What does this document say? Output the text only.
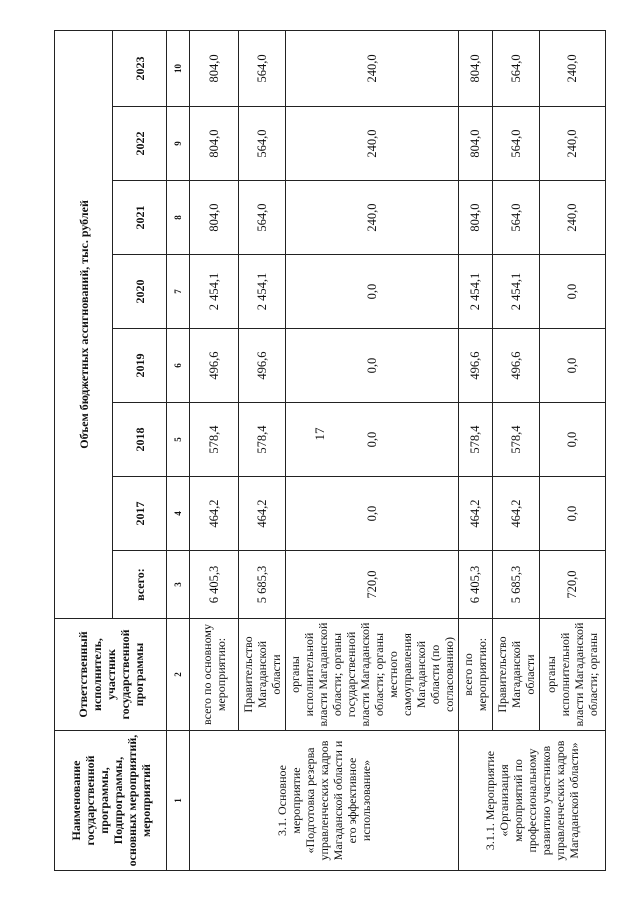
17
Наименование государственной программы, Подпрограммы, основных мероприятий, мероприятий	Ответственный исполнитель, участник государственной программы	Объем бюджетных ассигнований, тыс. рублей							
		всего:	2017	2018	2019	2020	2021	2022	2023
1	2	3	4	5	6	7	8	9	10
3.1. Основное мероприятие «Подготовка резерва управленческих кадров Магаданской области и его эффективное использование»	всего по основному мероприятию:	6 405,3	464,2	578,4	496,6	2 454,1	804,0	804,0	804,0
	Правительство Магаданской области	5 685,3	464,2	578,4	496,6	2 454,1	564,0	564,0	564,0
	органы исполнительной власти Магаданской области; органы государственной власти Магаданской области; органы местного самоуправления Магаданской области (по согласованию)	720,0	0,0	0,0	0,0	0,0	240,0	240,0	240,0
3.1.1. Мероприятие «Организация мероприятий по профессиональному развитию участников управленческих кадров Магаданской области»	всего по мероприятию:	6 405,3	464,2	578,4	496,6	2 454,1	804,0	804,0	804,0
	Правительство Магаданской области	5 685,3	464,2	578,4	496,6	2 454,1	564,0	564,0	564,0
	органы исполнительной власти Магаданской области; органы	720,0	0,0	0,0	0,0	0,0	240,0	240,0	240,0
